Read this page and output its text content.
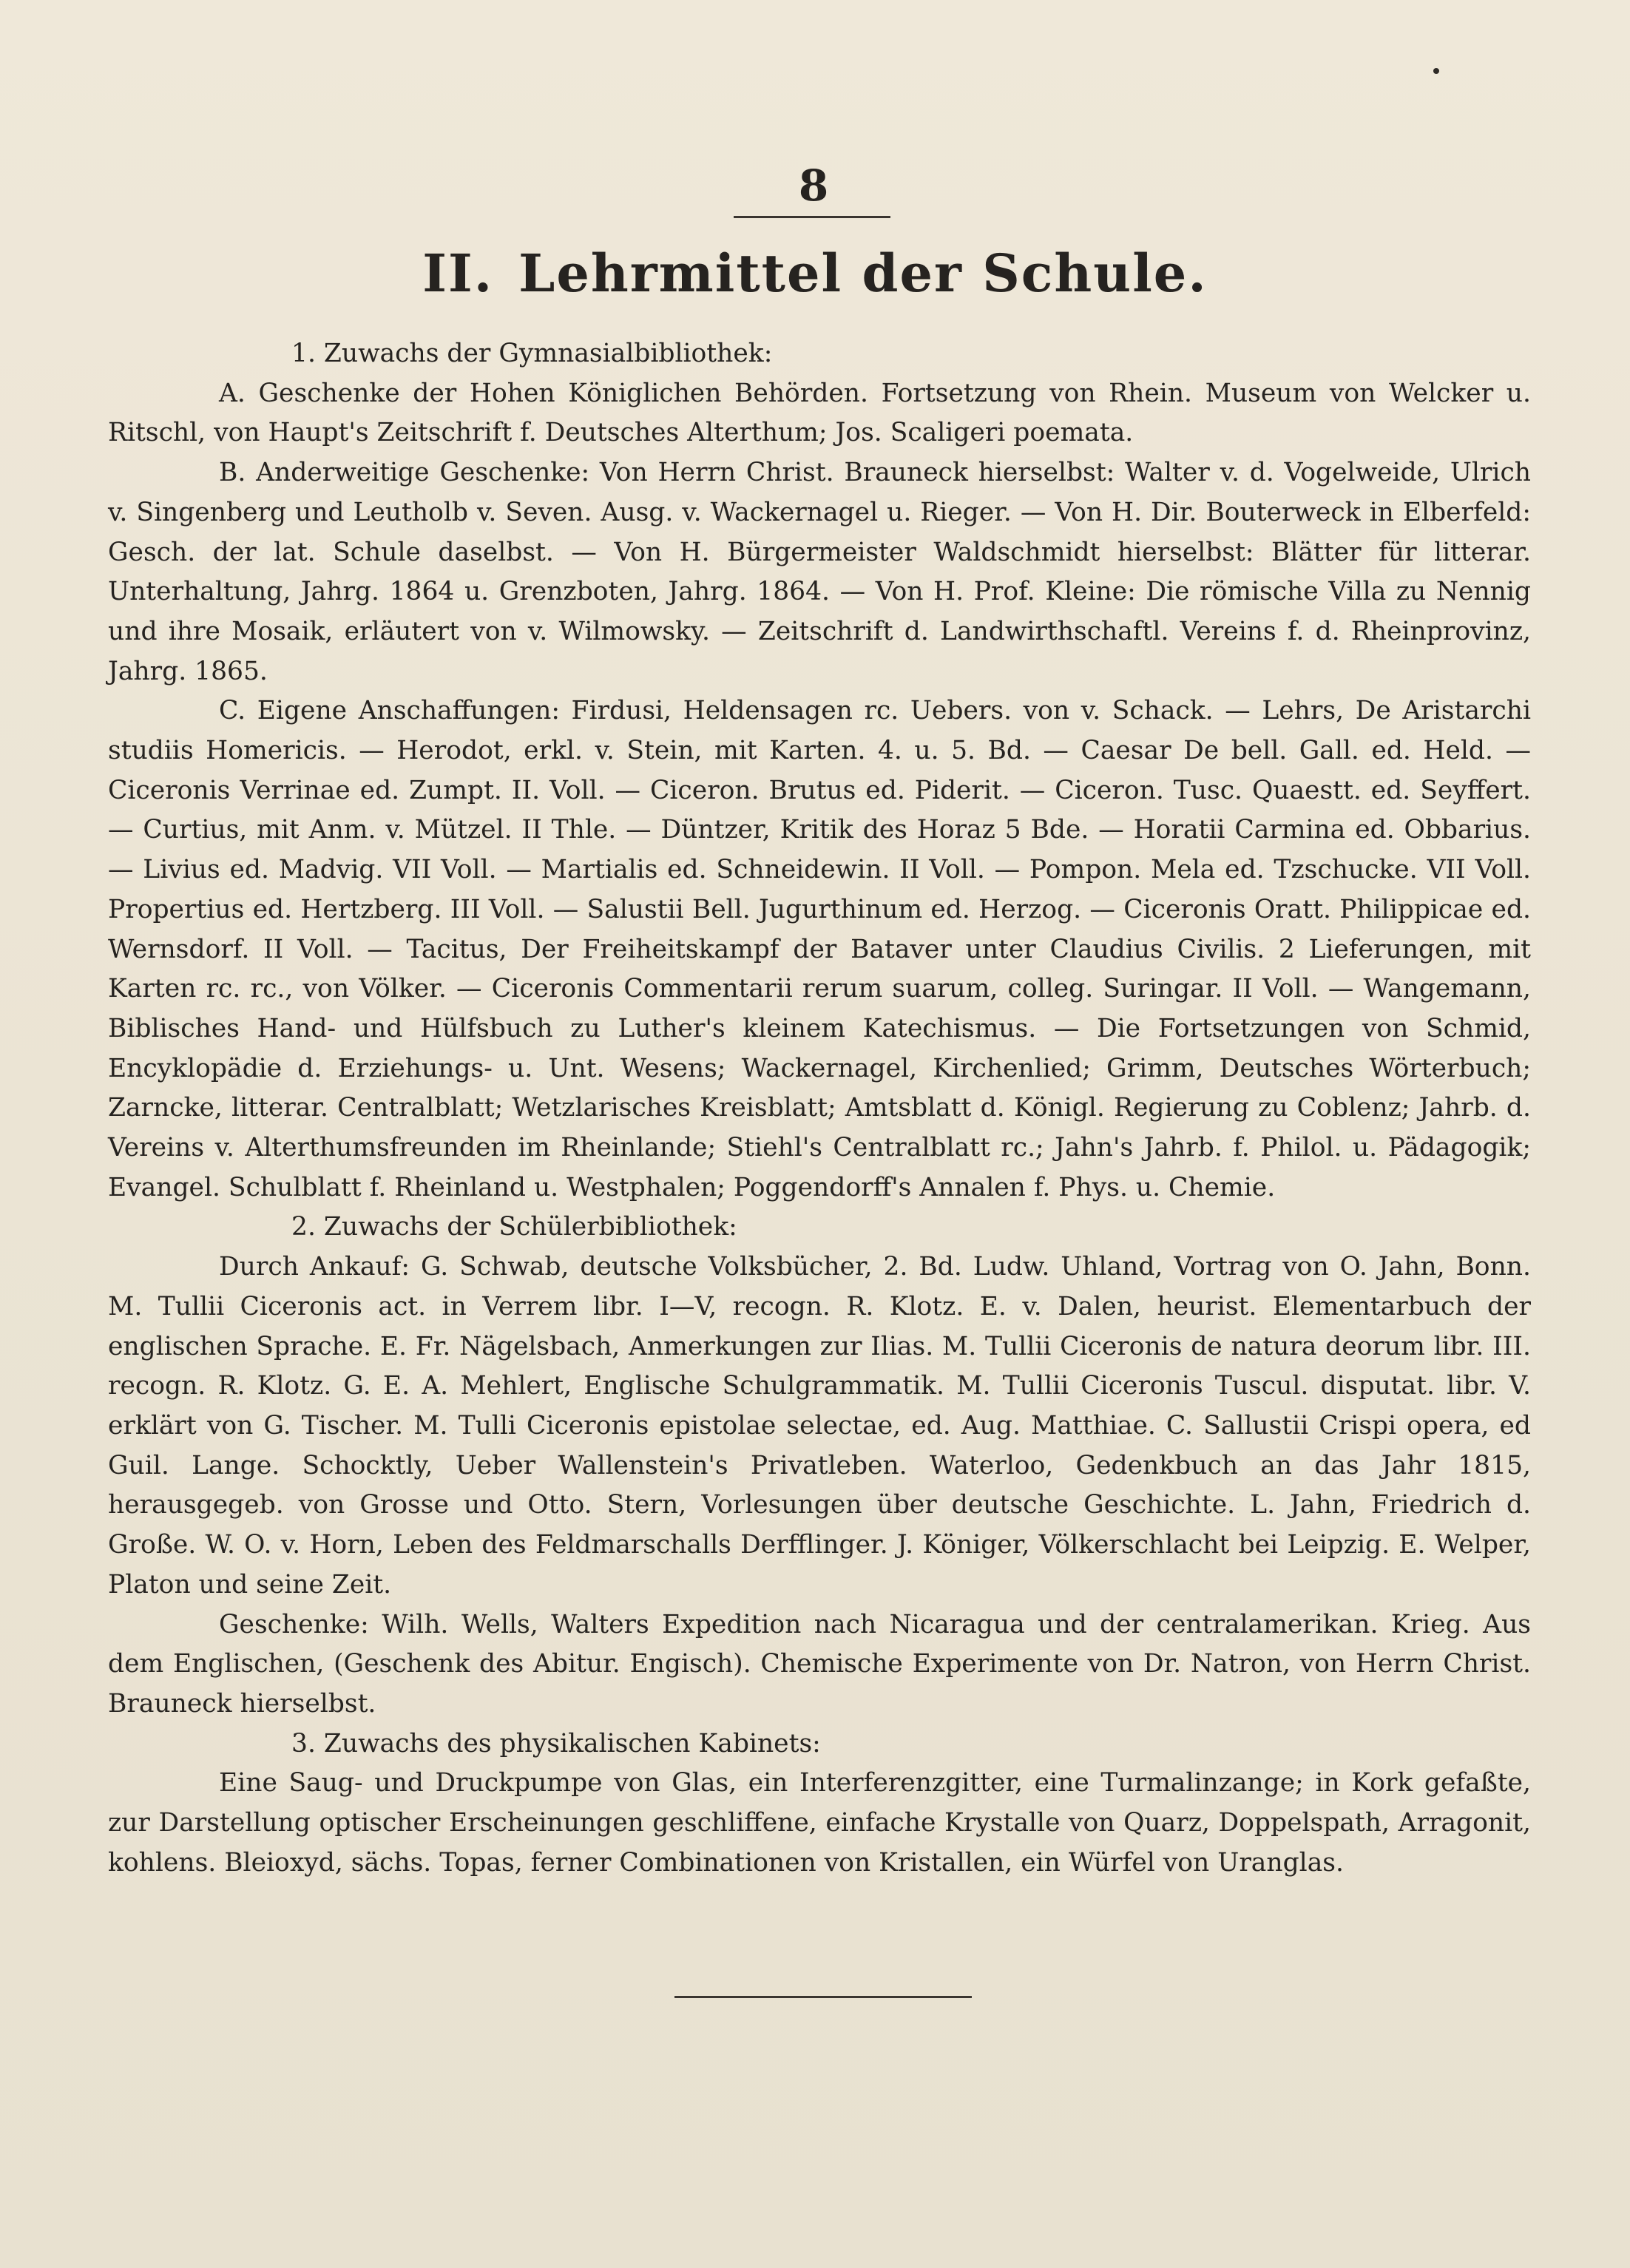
8
II. Lehrmittel der Schule.

1. Zuwachs der Gymnasialbibliothek:

A. Geschenke der Hohen Königlichen Behörden. Fortsetzung von Rhein. Museum von Welcker u. Ritschl, von Haupt's Zeitschrift f. Deutsches Alterthum; Jos. Scaligeri poemata.

B. Anderweitige Geschenke: Von Herrn Christ. Brauneck hierselbst: Walter v. d. Vogelweide, Ulrich v. Singenberg und Leutholb v. Seven. Ausg. v. Wackernagel u. Rieger. — Von H. Dir. Bouterweck in Elberfeld: Gesch. der lat. Schule daselbst. — Von H. Bürgermeister Waldschmidt hierselbst: Blätter für litterar. Unterhaltung, Jahrg. 1864 u. Grenzboten, Jahrg. 1864. — Von H. Prof. Kleine: Die römische Villa zu Nennig und ihre Mosaik, erläutert von v. Wilmowsky. — Zeitschrift d. Landwirthschaftl. Vereins f. d. Rheinprovinz, Jahrg. 1865.

C. Eigene Anschaffungen: Firdusi, Heldensagen rc. Uebers. von v. Schack. — Lehrs, De Aristarchi studiis Homericis. — Herodot, erkl. v. Stein, mit Karten. 4. u. 5. Bd. — Caesar De bell. Gall. ed. Held. — Ciceronis Verrinae ed. Zumpt. II. Voll. — Ciceron. Brutus ed. Piderit. — Ciceron. Tusc. Quaestt. ed. Seyffert. — Curtius, mit Anm. v. Mützel. II Thle. — Düntzer, Kritik des Horaz 5 Bde. — Horatii Carmina ed. Obbarius. — Livius ed. Madvig. VII Voll. — Martialis ed. Schneidewin. II Voll. — Pompon. Mela ed. Tzschucke. VII Voll. Propertius ed. Hertzberg. III Voll. — Salustii Bell. Jugurthinum ed. Herzog. — Ciceronis Oratt. Philippicae ed. Wernsdorf. II Voll. — Tacitus, Der Freiheitskampf der Bataver unter Claudius Civilis. 2 Lieferungen, mit Karten rc. rc., von Völker. — Ciceronis Commentarii rerum suarum, colleg. Suringar. II Voll. — Wangemann, Biblisches Hand- und Hülfsbuch zu Luther's kleinem Katechismus. — Die Fortsetzungen von Schmid, Encyklopädie d. Erziehungs- u. Unt. Wesens; Wackernagel, Kirchenlied; Grimm, Deutsches Wörterbuch; Zarncke, litterar. Centralblatt; Wetzlarisches Kreisblatt; Amtsblatt d. Königl. Regierung zu Coblenz; Jahrb. d. Vereins v. Alterthumsfreunden im Rheinlande; Stiehl's Centralblatt rc.; Jahn's Jahrb. f. Philol. u. Pädagogik; Evangel. Schulblatt f. Rheinland u. Westphalen; Poggendorff's Annalen f. Phys. u. Chemie.

2. Zuwachs der Schülerbibliothek:

Durch Ankauf: G. Schwab, deutsche Volksbücher, 2. Bd. Ludw. Uhland, Vortrag von O. Jahn, Bonn. M. Tullii Ciceronis act. in Verrem libr. I—V, recogn. R. Klotz. E. v. Dalen, heurist. Elementarbuch der englischen Sprache. E. Fr. Nägelsbach, Anmerkungen zur Ilias. M. Tullii Ciceronis de natura deorum libr. III. recogn. R. Klotz. G. E. A. Mehlert, Englische Schulgrammatik. M. Tullii Ciceronis Tuscul. disputat. libr. V. erklärt von G. Tischer. M. Tulli Ciceronis epistolae selectae, ed. Aug. Matthiae. C. Sallustii Crispi opera, ed Guil. Lange. Schocktly, Ueber Wallenstein's Privatleben. Waterloo, Gedenkbuch an das Jahr 1815, herausgegeb. von Grosse und Otto. Stern, Vorlesungen über deutsche Geschichte. L. Jahn, Friedrich d. Große. W. O. v. Horn, Leben des Feldmarschalls Derfflinger. J. Königer, Völkerschlacht bei Leipzig. E. Welper, Platon und seine Zeit.

Geschenke: Wilh. Wells, Walters Expedition nach Nicaragua und der centralamerikan. Krieg. Aus dem Englischen, (Geschenk des Abitur. Engisch). Chemische Experimente von Dr. Natron, von Herrn Christ. Brauneck hierselbst.

3. Zuwachs des physikalischen Kabinets:

Eine Saug- und Druckpumpe von Glas, ein Interferenzgitter, eine Turmalinzange; in Kork gefaßte, zur Darstellung optischer Erscheinungen geschliffene, einfache Krystalle von Quarz, Doppelspath, Arragonit, kohlens. Bleioxyd, sächs. Topas, ferner Combinationen von Kristallen, ein Würfel von Uranglas.
